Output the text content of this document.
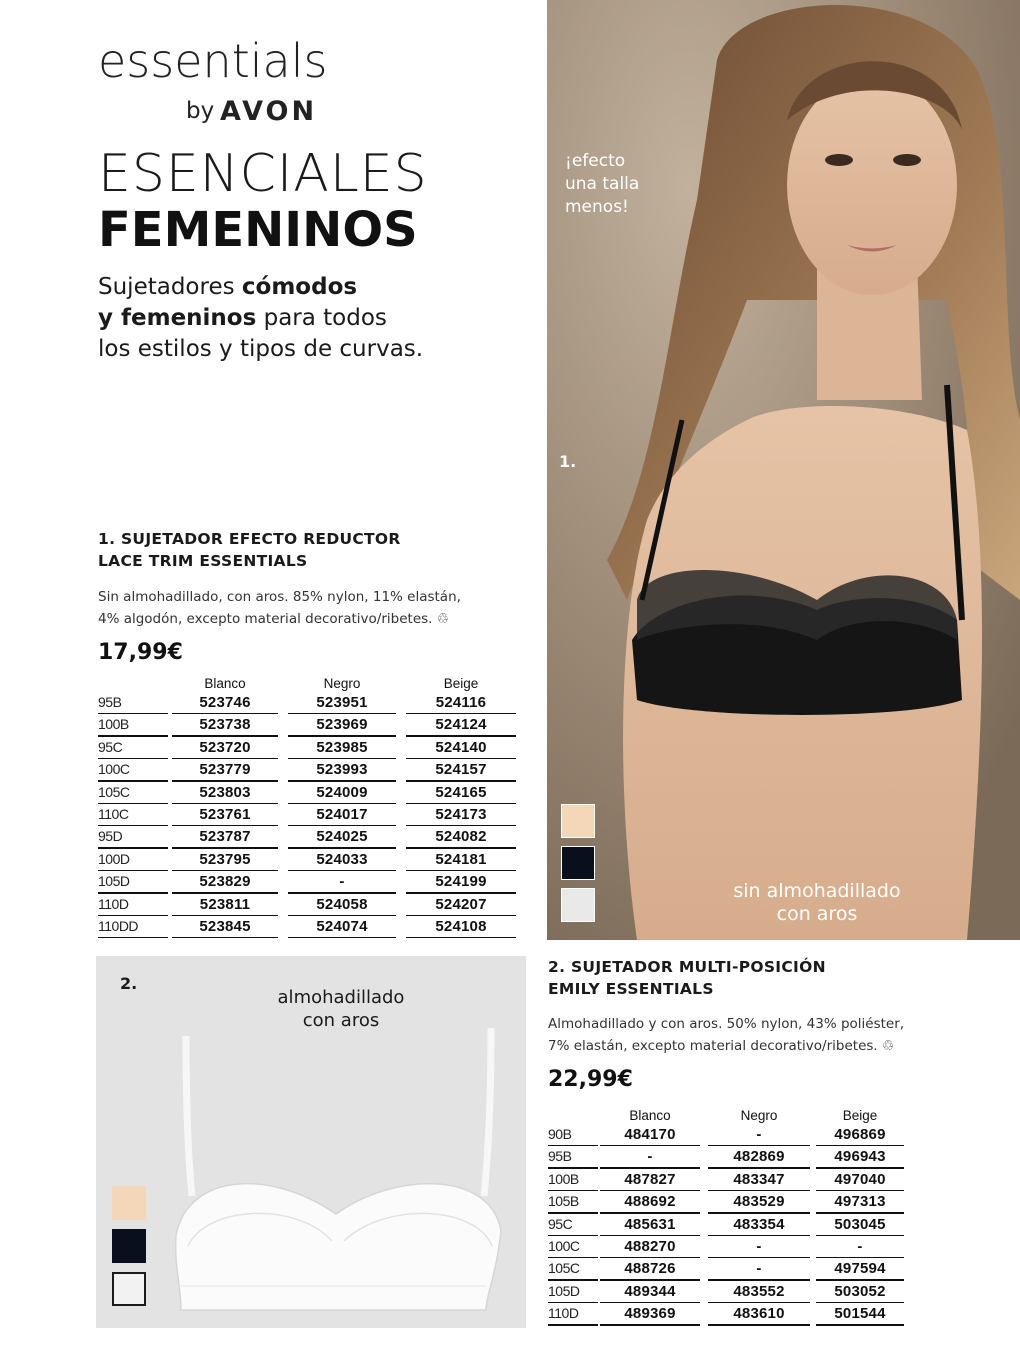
essentials
by AVON
ESENCIALES
FEMENINOS
Sujetadores cómodos
y femeninos para todos
los estilos y tipos de curvas.
1. SUJETADOR EFECTO REDUCTOR
LACE TRIM ESSENTIALS
Sin almohadillado, con aros. 85% nylon, 11% elastán,
4% algodón, excepto material decorativo/ribetes. ♲
17,99€
Blanco	Negro	Beige
95B	523746	523951	524116
100B	523738	523969	524124
95C	523720	523985	524140
100C	523779	523993	524157
105C	523803	524009	524165
110C	523761	524017	524173
95D	523787	524025	524082
100D	523795	524033	524181
105D	523829	-	524199
110D	523811	524058	524207
110DD	523845	524074	524108
¡efecto
una talla
menos!
1.
sin almohadillado
con aros
2.
almohadillado
con aros
2. SUJETADOR MULTI-POSICIÓN
EMILY ESSENTIALS
Almohadillado y con aros. 50% nylon, 43% poliéster,
7% elastán, excepto material decorativo/ribetes. ♲
22,99€
Blanco	Negro	Beige
90B	484170	-	496869
95B	-	482869	496943
100B	487827	483347	497040
105B	488692	483529	497313
95C	485631	483354	503045
100C	488270	-	-
105C	488726	-	497594
105D	489344	483552	503052
110D	489369	483610	501544
